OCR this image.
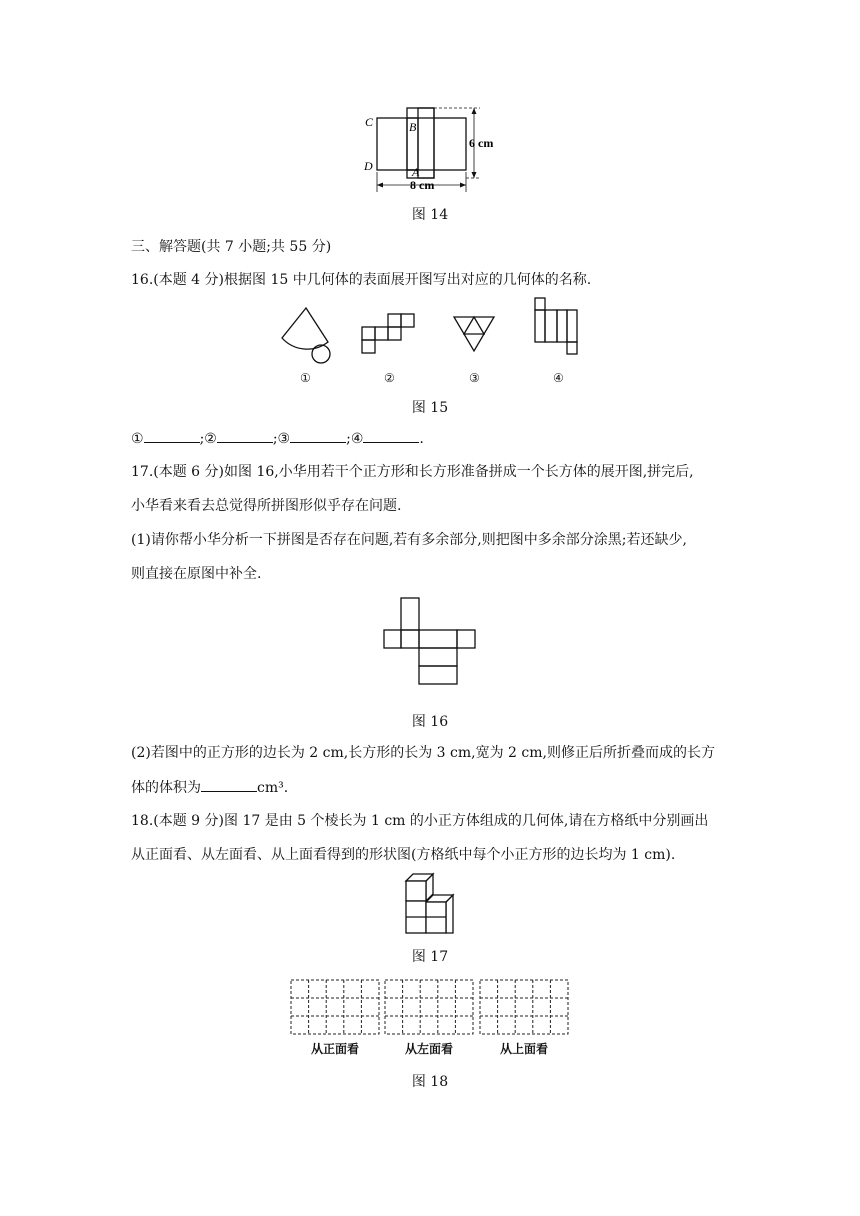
C	B
D	A
6 cm
8 cm
图 14
三、解答题(共 7 小题;共 55 分)
16.(本题 4 分)根据图 15 中几何体的表面展开图写出对应的几何体的名称.
①	②	③	④
图 15
①	;②	;③	;④	.
17.(本题 6 分)如图 16,小华用若干个正方形和长方形准备拼成一个长方体的展开图,拼完后,
小华看来看去总觉得所拼图形似乎存在问题.
(1)请你帮小华分析一下拼图是否存在问题,若有多余部分,则把图中多余部分涂黑;若还缺少,
则直接在原图中补全.
图 16
(2)若图中的正方形的边长为 2 cm,长方形的长为 3 cm,宽为 2 cm,则修正后所折叠而成的长方
体的体积为	cm³.
18.(本题 9 分)图 17 是由 5 个棱长为 1 cm 的小正方体组成的几何体,请在方格纸中分别画出
从正面看、从左面看、从上面看得到的形状图(方格纸中每个小正方形的边长均为 1 cm).
图 17
从正面看	从左面看	从上面看
图 18
